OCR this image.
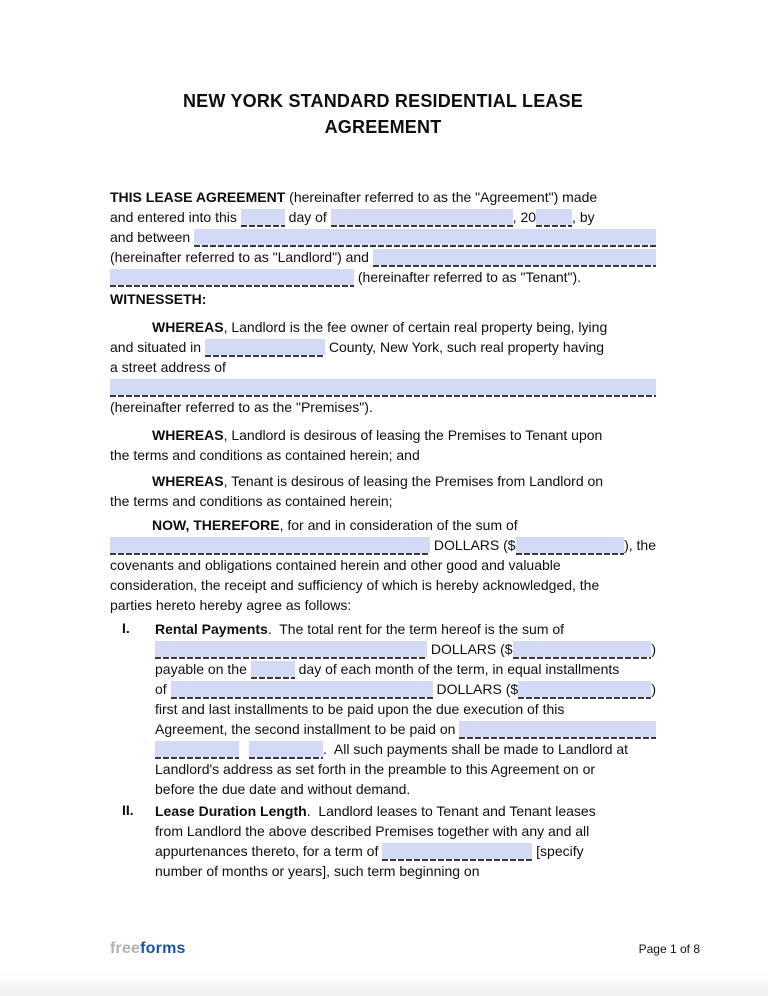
NEW YORK STANDARD RESIDENTIAL LEASE
AGREEMENT
THIS LEASE AGREEMENT (hereinafter referred to as the "Agreement") made
and entered into this	day of	, 20	, by
and between
(hereinafter referred to as "Landlord") and
(hereinafter referred to as "Tenant").
WITNESSETH:
WHEREAS , Landlord is the fee owner of certain real property being, lying
and situated in	County, New York, such real property having
a street address of
(hereinafter referred to as the "Premises").
WHEREAS , Landlord is desirous of leasing the Premises to Tenant upon
the terms and conditions as contained herein; and
WHEREAS , Tenant is desirous of leasing the Premises from Landlord on
the terms and conditions as contained herein;
NOW, THEREFORE , for and in consideration of the sum of
DOLLARS ($	), the
covenants and obligations contained herein and other good and valuable
consideration, the receipt and sufficiency of which is hereby acknowledged, the
parties hereto hereby agree as follows:
I.	Rental Payments .  The total rent for the term hereof is the sum of
DOLLARS ($	)
payable on the	day of each month of the term, in equal installments
of	DOLLARS ($	)
first and last installments to be paid upon the due execution of this
Agreement, the second installment to be paid on
.  All such payments shall be made to Landlord at
Landlord's address as set forth in the preamble to this Agreement on or
before the due date and without demand.
II.	Lease Duration Length .  Landlord leases to Tenant and Tenant leases
from Landlord the above described Premises together with any and all
appurtenances thereto, for a term of	[specify
number of months or years], such term beginning on
freeforms	Page 1 of 8
